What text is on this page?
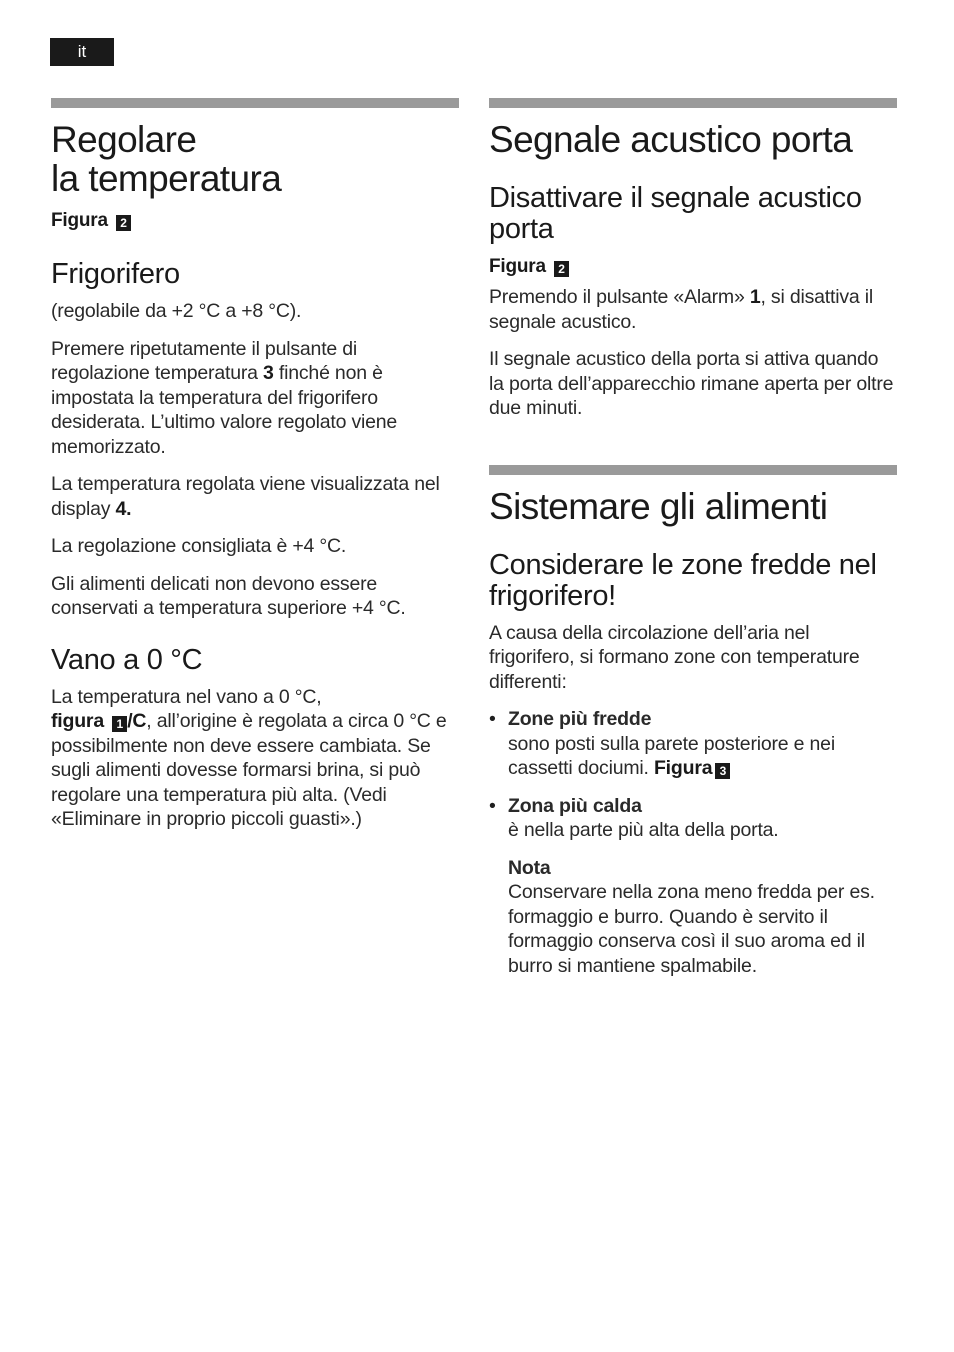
it
Regolare
la temperatura

Figura 2

Frigorifero

(regolabile da +2 °C a +8 °C).

Premere ripetutamente il pulsante di regolazione temperatura 3 finché non è impostata la temperatura del frigorifero desiderata. L’ultimo valore regolato viene memorizzato.

La temperatura regolata viene visualizzata nel display 4.

La regolazione consigliata è +4 °C.

Gli alimenti delicati non devono essere conservati a temperatura superiore +4 °C.

Vano a 0 °C

La temperatura nel vano a 0 °C,
figura 1 /C, all’origine è regolata a circa 0 °C e possibilmente non deve essere cambiata. Se sugli alimenti dovesse formarsi brina, si può regolare una temperatura più alta. (Vedi «Eliminare in proprio piccoli guasti».)

Segnale acustico porta
Disattivare il segnale acustico porta

Figura 2

Premendo il pulsante «Alarm» 1, si disattiva il segnale acustico.

Il segnale acustico della porta si attiva quando la porta dell’apparecchio rimane aperta per oltre due minuti.

Sistemare gli alimenti
Considerare le zone fredde nel frigorifero!

A causa della circolazione dell’aria nel frigorifero, si formano zone con temperature differenti:

• Zone più fredde
sono posti sulla parete posteriore e nei cassetti dociumi. Figura 3

• Zona più calda
è nella parte più alta della porta.

Nota
Conservare nella zona meno fredda per es. formaggio e burro. Quando è servito il formaggio conserva così il suo aroma ed il burro si mantiene spalmabile.
